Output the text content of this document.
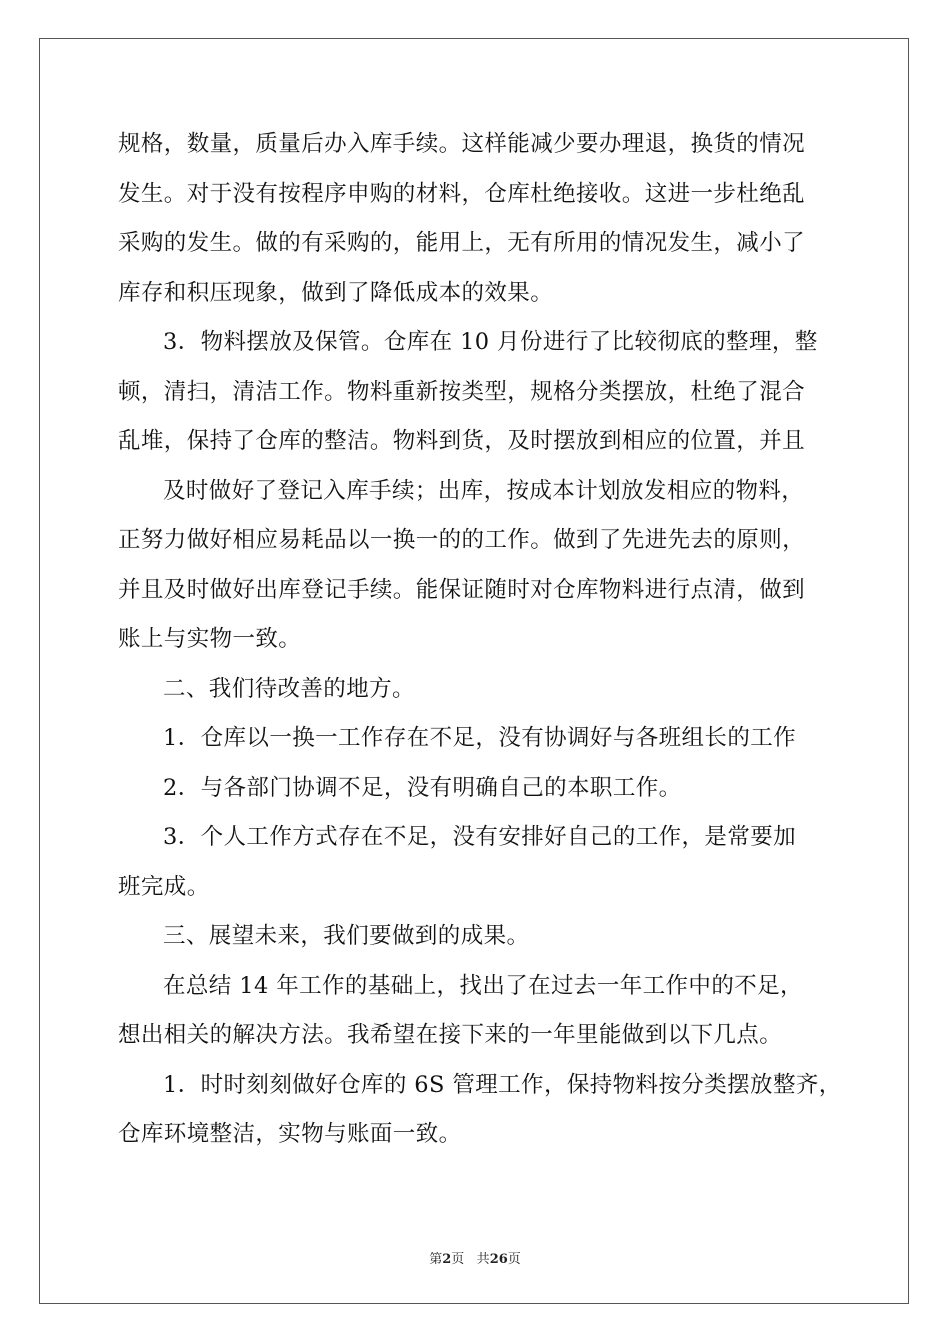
规格，数量，质量后办入库手续。这样能减少要办理退，换货的情况
发生。对于没有按程序申购的材料，仓库杜绝接收。这进一步杜绝乱
采购的发生。做的有采购的，能用上，无有所用的情况发生，减小了
库存和积压现象，做到了降低成本的效果。
3．物料摆放及保管。仓库在 10 月份进行了比较彻底的整理，整
顿，清扫，清洁工作。物料重新按类型，规格分类摆放，杜绝了混合
乱堆，保持了仓库的整洁。物料到货，及时摆放到相应的位置，并且
及时做好了登记入库手续；出库，按成本计划放发相应的物料，
正努力做好相应易耗品以一换一的的工作。做到了先进先去的原则，
并且及时做好出库登记手续。能保证随时对仓库物料进行点清，做到
账上与实物一致。
二、我们待改善的地方。
1．仓库以一换一工作存在不足，没有协调好与各班组长的工作
2．与各部门协调不足，没有明确自己的本职工作。
3．个人工作方式存在不足，没有安排好自己的工作，是常要加
班完成。
三、展望未来，我们要做到的成果。
在总结 14 年工作的基础上，找出了在过去一年工作中的不足，
想出相关的解决方法。我希望在接下来的一年里能做到以下几点。
1．时时刻刻做好仓库的 6S 管理工作，保持物料按分类摆放整齐，
仓库环境整洁，实物与账面一致。
第2页 共26页
